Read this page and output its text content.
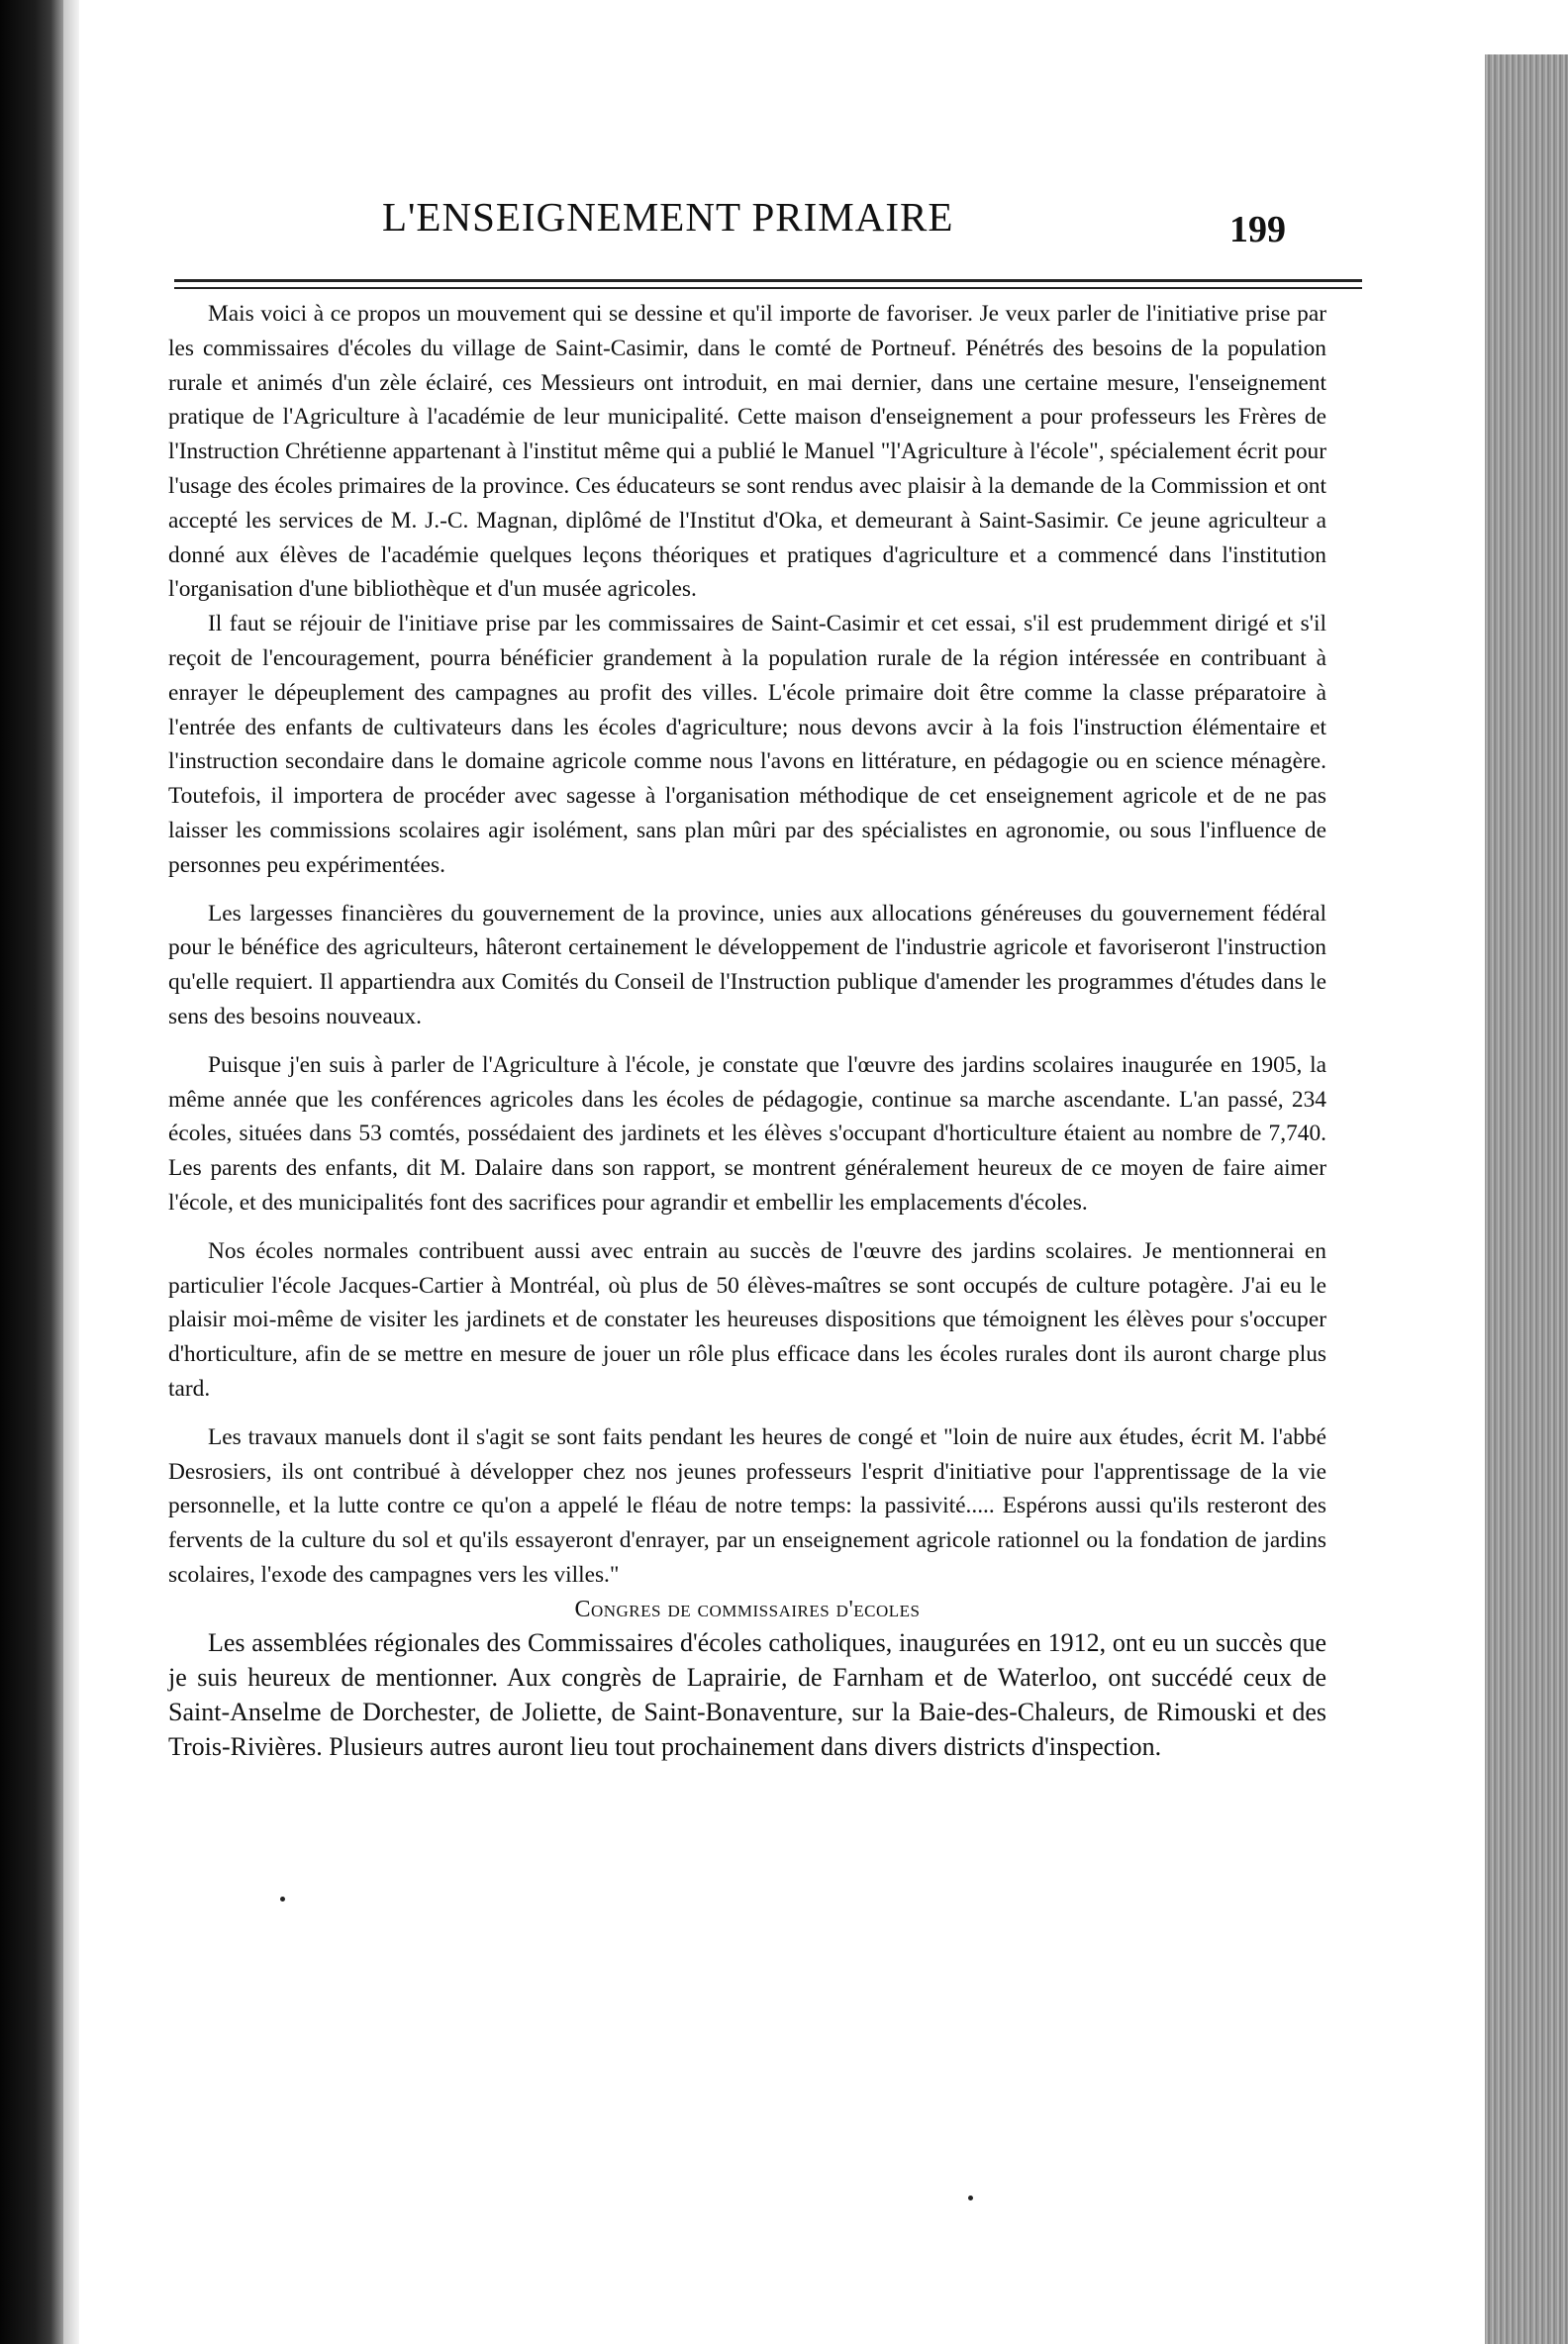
L'ENSEIGNEMENT PRIMAIRE	199

Mais voici à ce propos un mouvement qui se dessine et qu'il importe de favoriser. Je veux parler de l'initiative prise par les commissaires d'écoles du village de Saint-Casimir, dans le comté de Portneuf. Pénétrés des besoins de la population rurale et animés d'un zèle éclairé, ces Messieurs ont introduit, en mai dernier, dans une certaine mesure, l'enseignement pratique de l'Agriculture à l'académie de leur municipalité. Cette maison d'enseignement a pour professeurs les Frères de l'Instruction Chrétienne appartenant à l'institut même qui a publié le Manuel "l'Agriculture à l'école", spécialement écrit pour l'usage des écoles primaires de la province. Ces éducateurs se sont rendus avec plaisir à la demande de la Commission et ont accepté les services de M. J.-C. Magnan, diplômé de l'Institut d'Oka, et demeurant à Saint-Sasimir. Ce jeune agriculteur a donné aux élèves de l'académie quelques leçons théoriques et pratiques d'agriculture et a commencé dans l'institution l'organisation d'une bibliothèque et d'un musée agricoles.

Il faut se réjouir de l'initiave prise par les commissaires de Saint-Casimir et cet essai, s'il est prudemment dirigé et s'il reçoit de l'encouragement, pourra bénéficier grandement à la population rurale de la région intéressée en contribuant à enrayer le dépeuplement des campagnes au profit des villes. L'école primaire doit être comme la classe préparatoire à l'entrée des enfants de cultivateurs dans les écoles d'agriculture; nous devons avcir à la fois l'instruction élémentaire et l'instruction secondaire dans le domaine agricole comme nous l'avons en littérature, en pédagogie ou en science ménagère. Toutefois, il importera de procéder avec sagesse à l'organisation méthodique de cet enseignement agricole et de ne pas laisser les commissions scolaires agir isolément, sans plan mûri par des spécialistes en agronomie, ou sous l'influence de personnes peu expérimentées.

Les largesses financières du gouvernement de la province, unies aux allocations généreuses du gouvernement fédéral pour le bénéfice des agriculteurs, hâteront certainement le développement de l'industrie agricole et favoriseront l'instruction qu'elle requiert. Il appartiendra aux Comités du Conseil de l'Instruction publique d'amender les programmes d'études dans le sens des besoins nouveaux.

Puisque j'en suis à parler de l'Agriculture à l'école, je constate que l'œuvre des jardins scolaires inaugurée en 1905, la même année que les conférences agricoles dans les écoles de pédagogie, continue sa marche ascendante. L'an passé, 234 écoles, situées dans 53 comtés, possédaient des jardinets et les élèves s'occupant d'horticulture étaient au nombre de 7,740. Les parents des enfants, dit M. Dalaire dans son rapport, se montrent généralement heureux de ce moyen de faire aimer l'école, et des municipalités font des sacrifices pour agrandir et embellir les emplacements d'écoles.

Nos écoles normales contribuent aussi avec entrain au succès de l'œuvre des jardins scolaires. Je mentionnerai en particulier l'école Jacques-Cartier à Montréal, où plus de 50 élèves-maîtres se sont occupés de culture potagère. J'ai eu le plaisir moi-même de visiter les jardinets et de constater les heureuses dispositions que témoignent les élèves pour s'occuper d'horticulture, afin de se mettre en mesure de jouer un rôle plus efficace dans les écoles rurales dont ils auront charge plus tard.

Les travaux manuels dont il s'agit se sont faits pendant les heures de congé et "loin de nuire aux études, écrit M. l'abbé Desrosiers, ils ont contribué à développer chez nos jeunes professeurs l'esprit d'initiative pour l'apprentissage de la vie personnelle, et la lutte contre ce qu'on a appelé le fléau de notre temps: la passivité..... Espérons aussi qu'ils resteront des fervents de la culture du sol et qu'ils essayeront d'enrayer, par un enseignement agricole rationnel ou la fondation de jardins scolaires, l'exode des campagnes vers les villes."

Congres de commissaires d'ecoles

Les assemblées régionales des Commissaires d'écoles catholiques, inaugurées en 1912, ont eu un succès que je suis heureux de mentionner. Aux congrès de Laprairie, de Farnham et de Waterloo, ont succédé ceux de Saint-Anselme de Dorchester, de Joliette, de Saint-Bonaventure, sur la Baie-des-Chaleurs, de Rimouski et des Trois-Rivières. Plusieurs autres auront lieu tout prochainement dans divers districts d'inspection.
